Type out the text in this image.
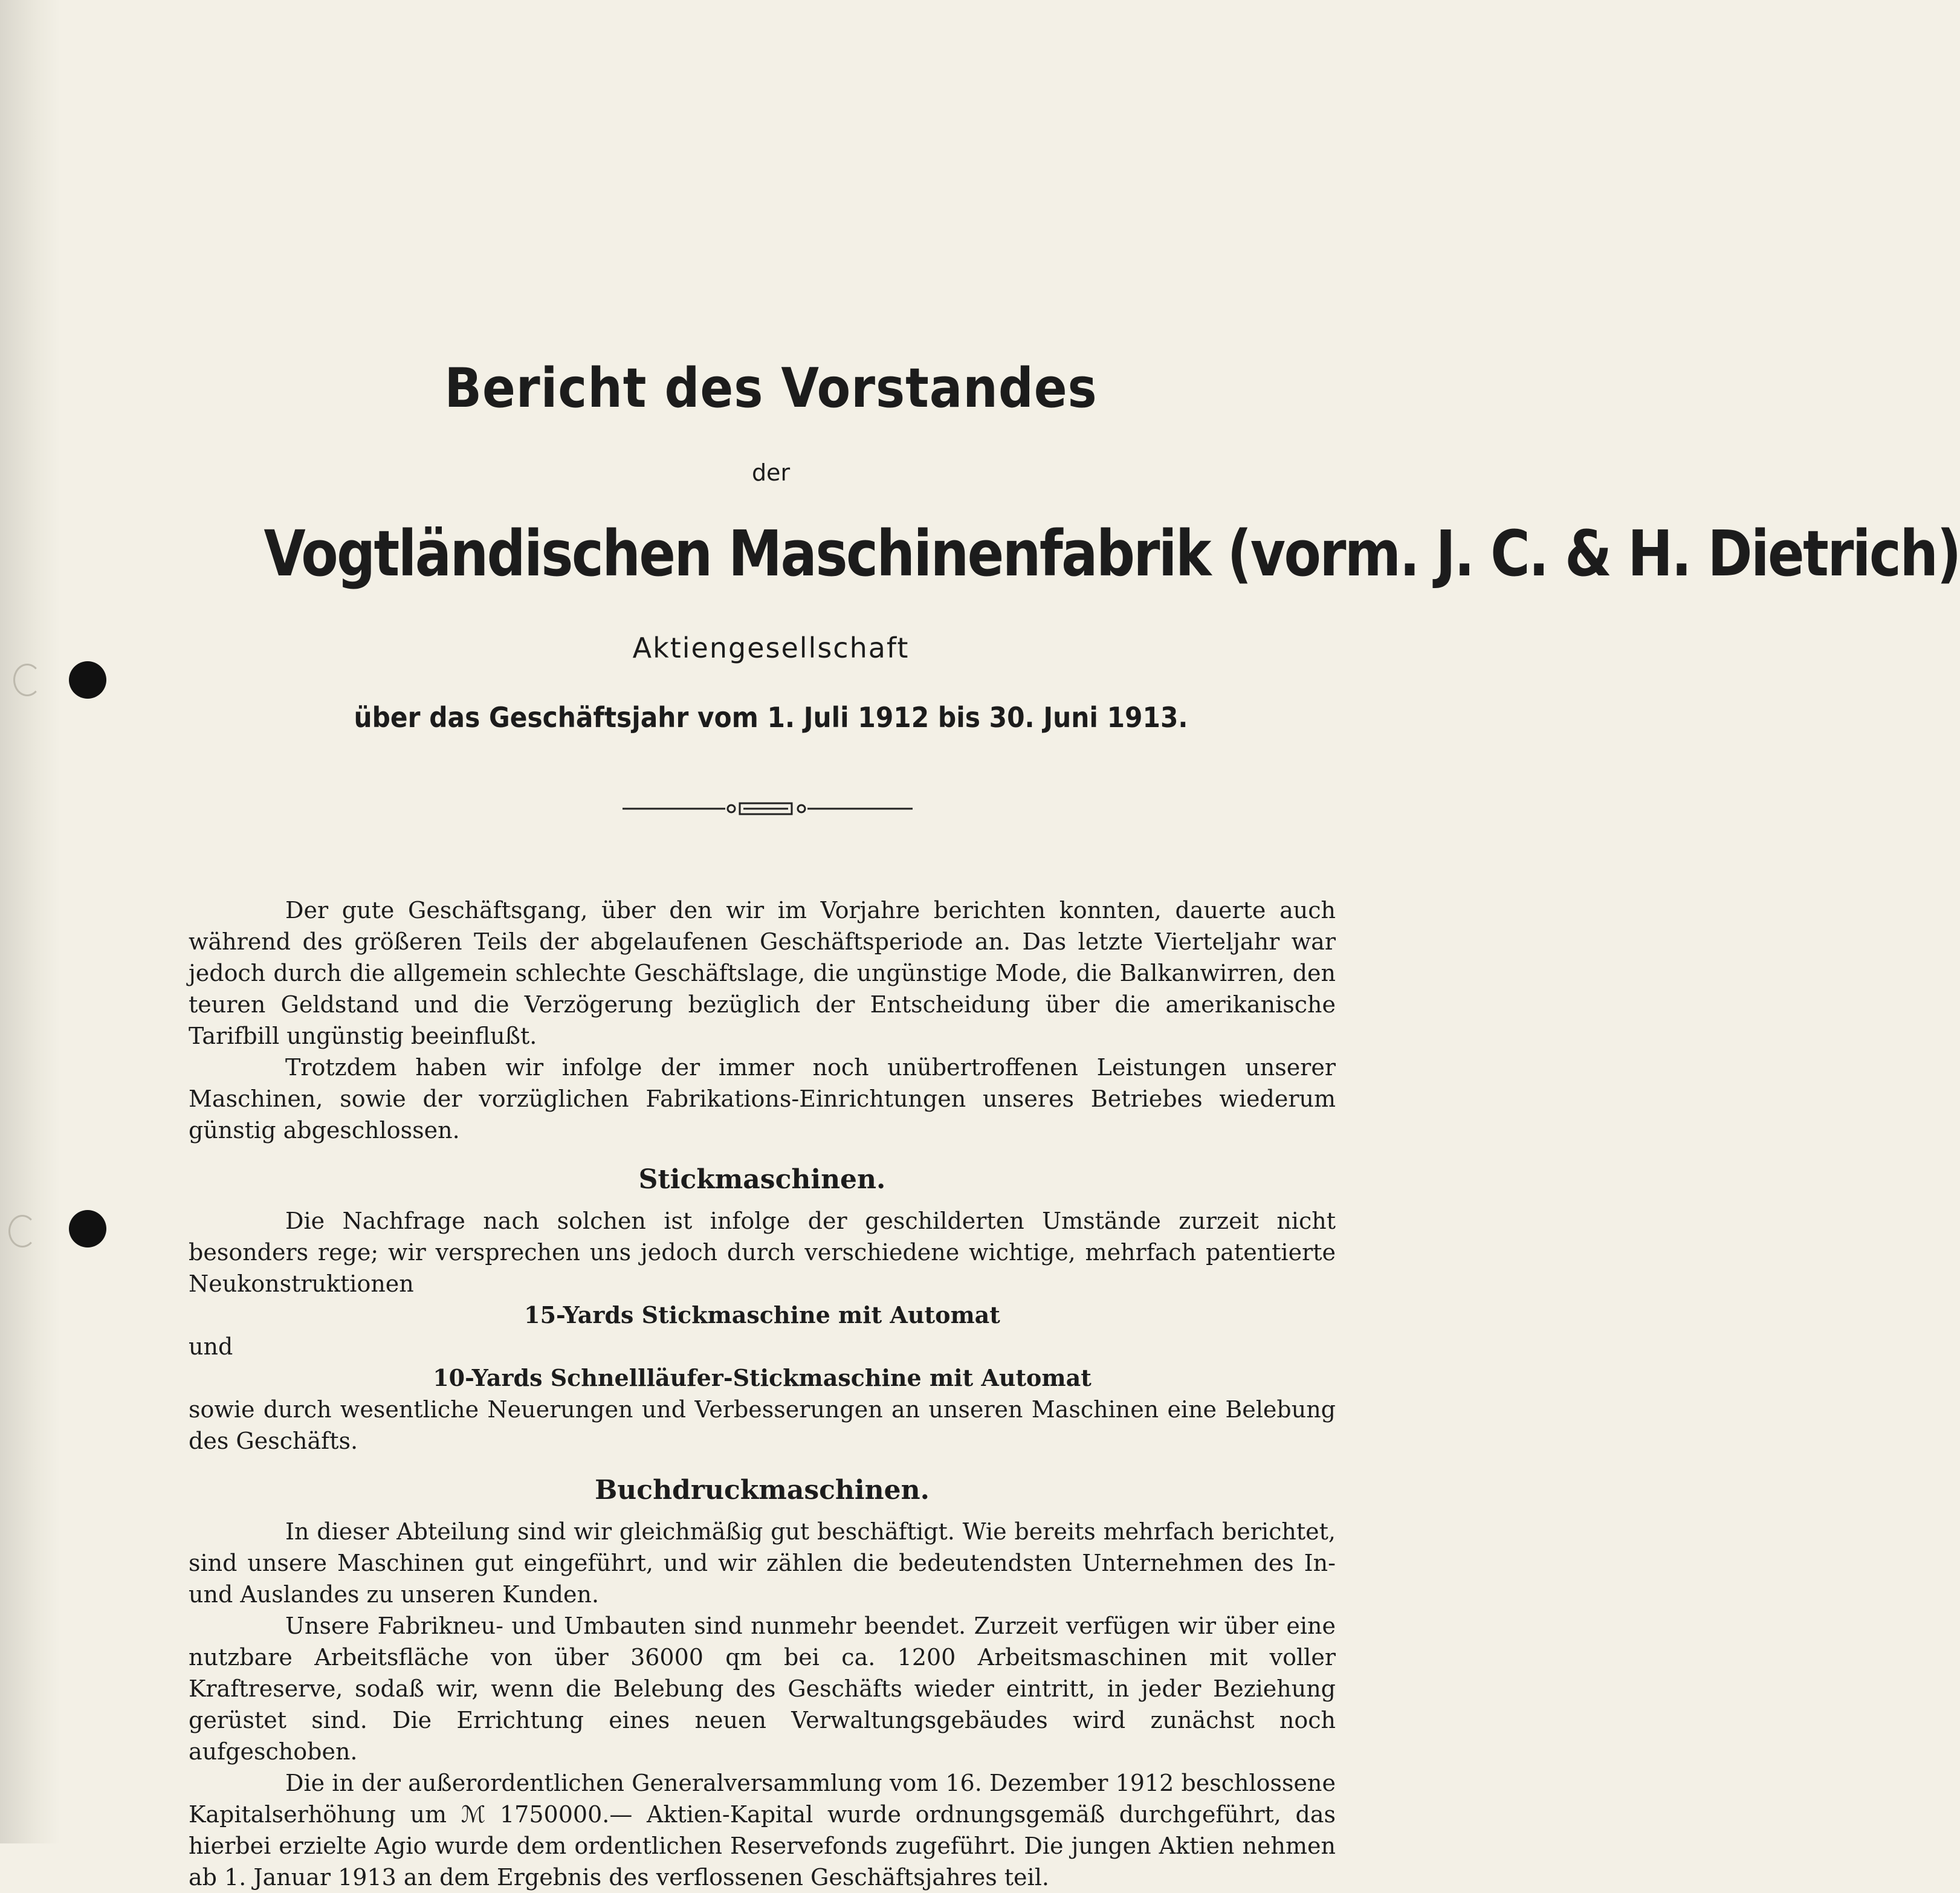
Bericht des Vorstandes
der
Vogtländischen Maschinenfabrik (vorm. J. C. & H. Dietrich)
Aktiengesellschaft
über das Geschäftsjahr vom 1. Juli 1912 bis 30. Juni 1913.

Der gute Geschäftsgang, über den wir im Vorjahre berichten konnten, dauerte auch während des größeren Teils der abgelaufenen Geschäftsperiode an. Das letzte Vierteljahr war jedoch durch die allgemein schlechte Geschäftslage, die ungünstige Mode, die Balkanwirren, den teuren Geldstand und die Verzögerung bezüglich der Entscheidung über die amerikanische Tarifbill ungünstig beeinflußt.

Trotzdem haben wir infolge der immer noch unübertroffenen Leistungen unserer Maschinen, sowie der vorzüglichen Fabrikations-Einrichtungen unseres Betriebes wiederum günstig abgeschlossen.

Stickmaschinen.

Die Nachfrage nach solchen ist infolge der geschilderten Umstände zurzeit nicht besonders rege; wir versprechen uns jedoch durch verschiedene wichtige, mehrfach patentierte Neukonstruktionen

15-Yards Stickmaschine mit Automat

und

10-Yards Schnellläufer-Stickmaschine mit Automat

sowie durch wesentliche Neuerungen und Verbesserungen an unseren Maschinen eine Belebung des Geschäfts.

Buchdruckmaschinen.

In dieser Abteilung sind wir gleichmäßig gut beschäftigt. Wie bereits mehrfach berichtet, sind unsere Maschinen gut eingeführt, und wir zählen die bedeutendsten Unternehmen des In- und Auslandes zu unseren Kunden.

Unsere Fabrikneu- und Umbauten sind nunmehr beendet. Zurzeit verfügen wir über eine nutzbare Arbeitsfläche von über 36000 qm bei ca. 1200 Arbeitsmaschinen mit voller Kraftreserve, sodaß wir, wenn die Belebung des Geschäfts wieder eintritt, in jeder Beziehung gerüstet sind. Die Errichtung eines neuen Verwaltungsgebäudes wird zunächst noch aufgeschoben.

Die in der außerordentlichen Generalversammlung vom 16. Dezember 1912 beschlossene Kapitalserhöhung um ℳ 1750000.— Aktien-Kapital wurde ordnungsgemäß durchgeführt, das hierbei erzielte Agio wurde dem ordentlichen Reservefonds zugeführt. Die jungen Aktien nehmen ab 1. Januar 1913 an dem Ergebnis des verflossenen Geschäftsjahres teil.
